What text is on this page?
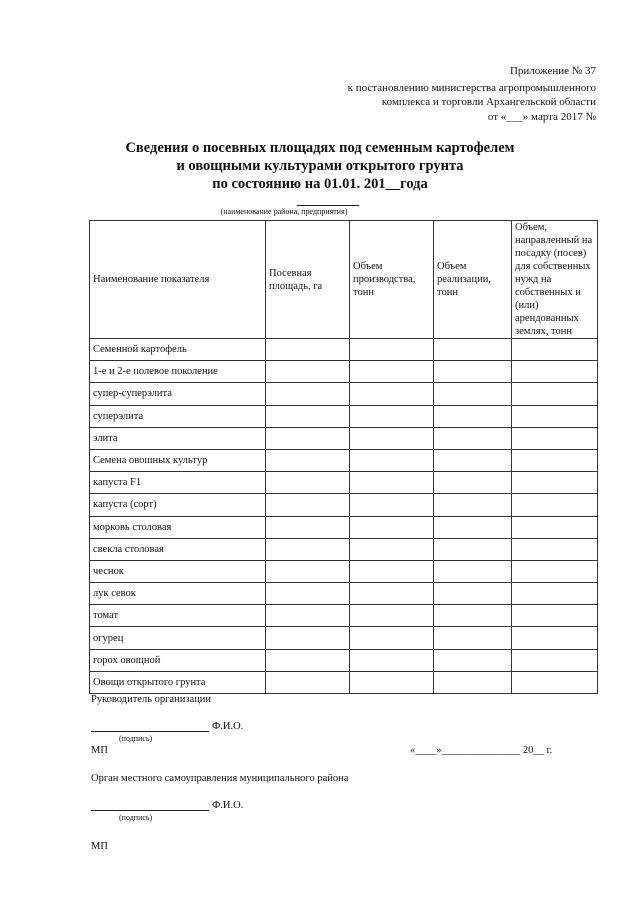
Приложение № 37
к постановлению министерства агропромышленного
комплекса и торговли Архангельской области
от «___» марта 2017 №
Сведения о посевных площадях под семенным картофелем
и овощными культурами открытого грунта
по состоянию на 01.01. 201__года
(наименование района, предприятия)
Наименование показателя	Посевная площадь, га	Объем производства, тонн	Объем реализации, тонн	Объем, направленный на посадку (посев) для собственных нужд на собственных и (или) арендованных землях, тонн
Семенной картофель				
1-е и 2-е полевое поколение				
супер-суперэлита				
суперэлита				
элита				
Семена овошных культур				
капуста F1				
капуста (сорт)				
морковь столовая				
свекла столовая				
чеснок				
лук севок				
томат				
огурец				
горох овощной				
Овощи открытого грунта				
Руководитель организации
Ф.И.О.
(подпись)
МП	«____»_______________ 20__ г.
Орган местного самоуправления муниципального района
Ф.И.О.
(подпись)
МП
